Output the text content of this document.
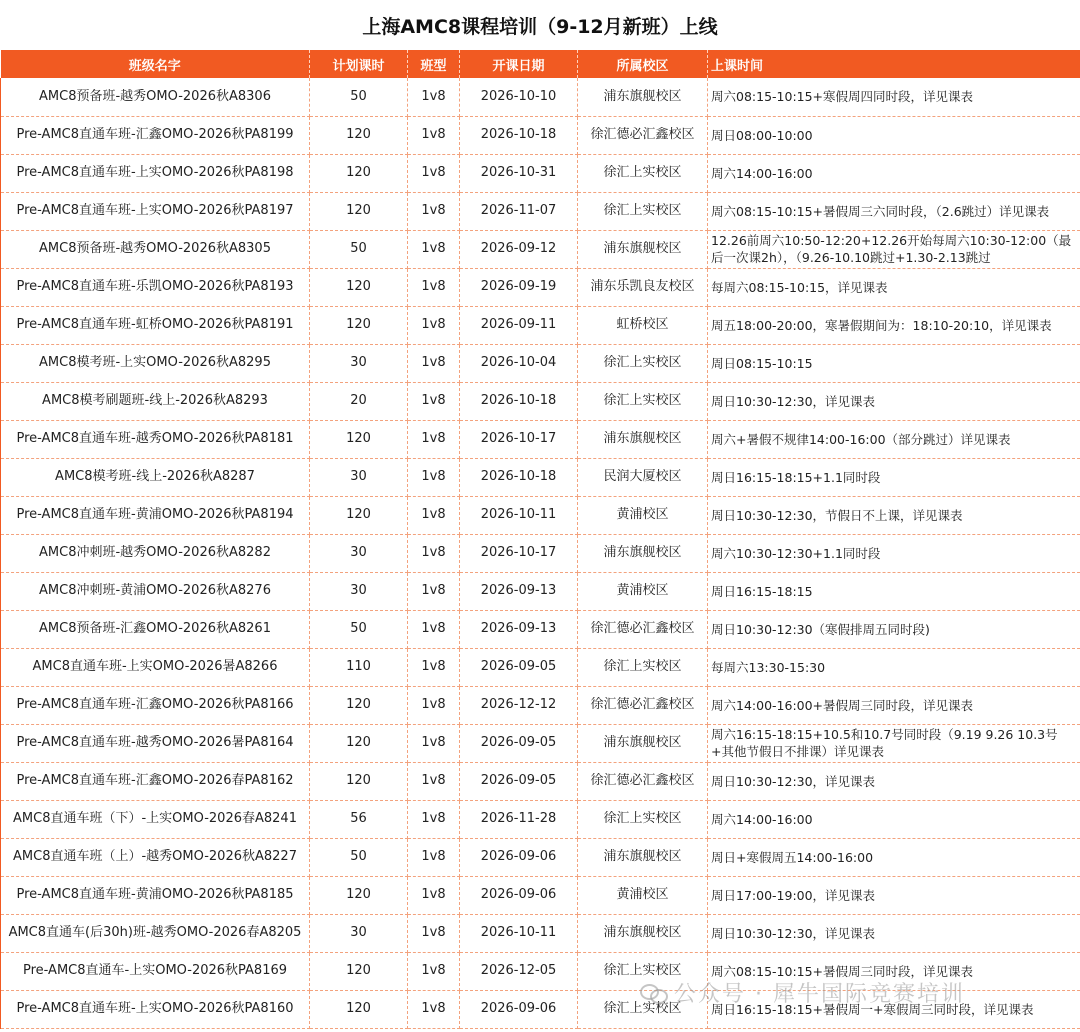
上海AMC8课程培训（9-12月新班）上线
班级名字	计划课时	班型	开课日期	所属校区	上课时间

AMC8预备班-越秀OMO-2026秋A8306	50	1v8	2026-10-10	浦东旗舰校区	周六08:15-10:15+寒假周四同时段，详见课表

Pre-AMC8直通车班-汇鑫OMO-2026秋PA8199	120	1v8	2026-10-18	徐汇德必汇鑫校区	周日08:00-10:00

Pre-AMC8直通车班-上实OMO-2026秋PA8198	120	1v8	2026-10-31	徐汇上实校区	周六14:00-16:00

Pre-AMC8直通车班-上实OMO-2026秋PA8197	120	1v8	2026-11-07	徐汇上实校区	周六08:15-10:15+暑假周三六同时段，（2.6跳过）详见课表

AMC8预备班-越秀OMO-2026秋A8305	50	1v8	2026-09-12	浦东旗舰校区	12.26前周六10:50-12:20+12.26开始每周六10:30-12:00（最后一次课2h），（9.26-10.10跳过+1.30-2.13跳过

Pre-AMC8直通车班-乐凯OMO-2026秋PA8193	120	1v8	2026-09-19	浦东乐凯良友校区	每周六08:15-10:15，详见课表

Pre-AMC8直通车班-虹桥OMO-2026秋PA8191	120	1v8	2026-09-11	虹桥校区	周五18:00-20:00，寒暑假期间为：18:10-20:10，详见课表

AMC8模考班-上实OMO-2026秋A8295	30	1v8	2026-10-04	徐汇上实校区	周日08:15-10:15

AMC8模考刷题班-线上-2026秋A8293	20	1v8	2026-10-18	徐汇上实校区	周日10:30-12:30，详见课表

Pre-AMC8直通车班-越秀OMO-2026秋PA8181	120	1v8	2026-10-17	浦东旗舰校区	周六+暑假不规律14:00-16:00（部分跳过）详见课表

AMC8模考班-线上-2026秋A8287	30	1v8	2026-10-18	民润大厦校区	周日16:15-18:15+1.1同时段

Pre-AMC8直通车班-黄浦OMO-2026秋PA8194	120	1v8	2026-10-11	黄浦校区	周日10:30-12:30，节假日不上课，详见课表

AMC8冲刺班-越秀OMO-2026秋A8282	30	1v8	2026-10-17	浦东旗舰校区	周六10:30-12:30+1.1同时段

AMC8冲刺班-黄浦OMO-2026秋A8276	30	1v8	2026-09-13	黄浦校区	周日16:15-18:15

AMC8预备班-汇鑫OMO-2026秋A8261	50	1v8	2026-09-13	徐汇德必汇鑫校区	周日10:30-12:30（寒假排周五同时段)

AMC8直通车班-上实OMO-2026暑A8266	110	1v8	2026-09-05	徐汇上实校区	每周六13:30-15:30

Pre-AMC8直通车班-汇鑫OMO-2026秋PA8166	120	1v8	2026-12-12	徐汇德必汇鑫校区	周六14:00-16:00+暑假周三同时段，详见课表

Pre-AMC8直通车班-越秀OMO-2026暑PA8164	120	1v8	2026-09-05	浦东旗舰校区	周六16:15-18:15+10.5和10.7号同时段（9.19 9.26 10.3号+其他节假日不排课）详见课表

Pre-AMC8直通车班-汇鑫OMO-2026春PA8162	120	1v8	2026-09-05	徐汇德必汇鑫校区	周日10:30-12:30，详见课表

AMC8直通车班（下）-上实OMO-2026春A8241	56	1v8	2026-11-28	徐汇上实校区	周六14:00-16:00

AMC8直通车班（上）-越秀OMO-2026秋A8227	50	1v8	2026-09-06	浦东旗舰校区	周日+寒假周五14:00-16:00

Pre-AMC8直通车班-黄浦OMO-2026秋PA8185	120	1v8	2026-09-06	黄浦校区	周日17:00-19:00，详见课表

AMC8直通车(后30h)班-越秀OMO-2026春A8205	30	1v8	2026-10-11	浦东旗舰校区	周日10:30-12:30，详见课表

Pre-AMC8直通车-上实OMO-2026秋PA8169	120	1v8	2026-12-05	徐汇上实校区	周六08:15-10:15+暑假周三同时段，详见课表

Pre-AMC8直通车班-上实OMO-2026秋PA8160	120	1v8	2026-09-06	徐汇上实校区	周日16:15-18:15+暑假周一+寒假周三同时段，详见课表
公众号 · 犀牛国际竞赛培训
